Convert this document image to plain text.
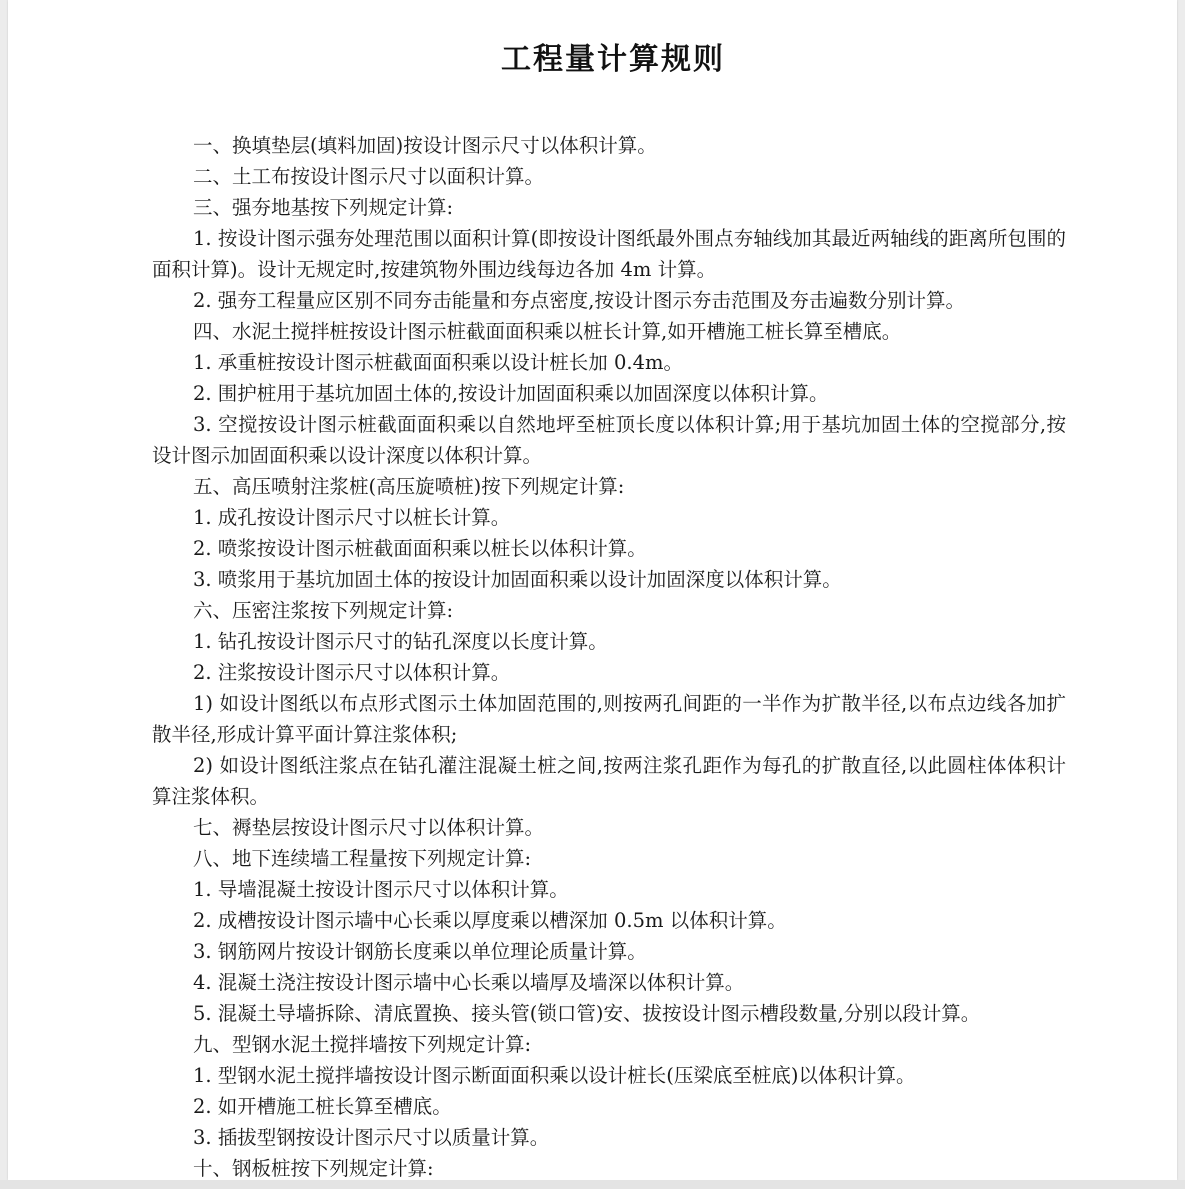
工程量计算规则

一、换填垫层(填料加固)按设计图示尺寸以体积计算。

二、土工布按设计图示尺寸以面积计算。

三、强夯地基按下列规定计算:

1. 按设计图示强夯处理范围以面积计算(即按设计图纸最外围点夯轴线加其最近两轴线的距离所包围的面积计算)。设计无规定时,按建筑物外围边线每边各加 4m 计算。

2. 强夯工程量应区别不同夯击能量和夯点密度,按设计图示夯击范围及夯击遍数分别计算。

四、水泥土搅拌桩按设计图示桩截面面积乘以桩长计算,如开槽施工桩长算至槽底。

1. 承重桩按设计图示桩截面面积乘以设计桩长加 0.4m。

2. 围护桩用于基坑加固土体的,按设计加固面积乘以加固深度以体积计算。

3. 空搅按设计图示桩截面面积乘以自然地坪至桩顶长度以体积计算;用于基坑加固土体的空搅部分,按设计图示加固面积乘以设计深度以体积计算。

五、高压喷射注浆桩(高压旋喷桩)按下列规定计算:

1. 成孔按设计图示尺寸以桩长计算。

2. 喷浆按设计图示桩截面面积乘以桩长以体积计算。

3. 喷浆用于基坑加固土体的按设计加固面积乘以设计加固深度以体积计算。

六、压密注浆按下列规定计算:

1. 钻孔按设计图示尺寸的钻孔深度以长度计算。

2. 注浆按设计图示尺寸以体积计算。

1) 如设计图纸以布点形式图示土体加固范围的,则按两孔间距的一半作为扩散半径,以布点边线各加扩散半径,形成计算平面计算注浆体积;

2) 如设计图纸注浆点在钻孔灌注混凝土桩之间,按两注浆孔距作为每孔的扩散直径,以此圆柱体体积计算注浆体积。

七、褥垫层按设计图示尺寸以体积计算。

八、地下连续墙工程量按下列规定计算:

1. 导墙混凝土按设计图示尺寸以体积计算。

2. 成槽按设计图示墙中心长乘以厚度乘以槽深加 0.5m 以体积计算。

3. 钢筋网片按设计钢筋长度乘以单位理论质量计算。

4. 混凝土浇注按设计图示墙中心长乘以墙厚及墙深以体积计算。

5. 混凝土导墙拆除、清底置换、接头管(锁口管)安、拔按设计图示槽段数量,分别以段计算。

九、型钢水泥土搅拌墙按下列规定计算:

1. 型钢水泥土搅拌墙按设计图示断面面积乘以设计桩长(压梁底至桩底)以体积计算。

2. 如开槽施工桩长算至槽底。

3. 插拔型钢按设计图示尺寸以质量计算。

十、钢板桩按下列规定计算:
